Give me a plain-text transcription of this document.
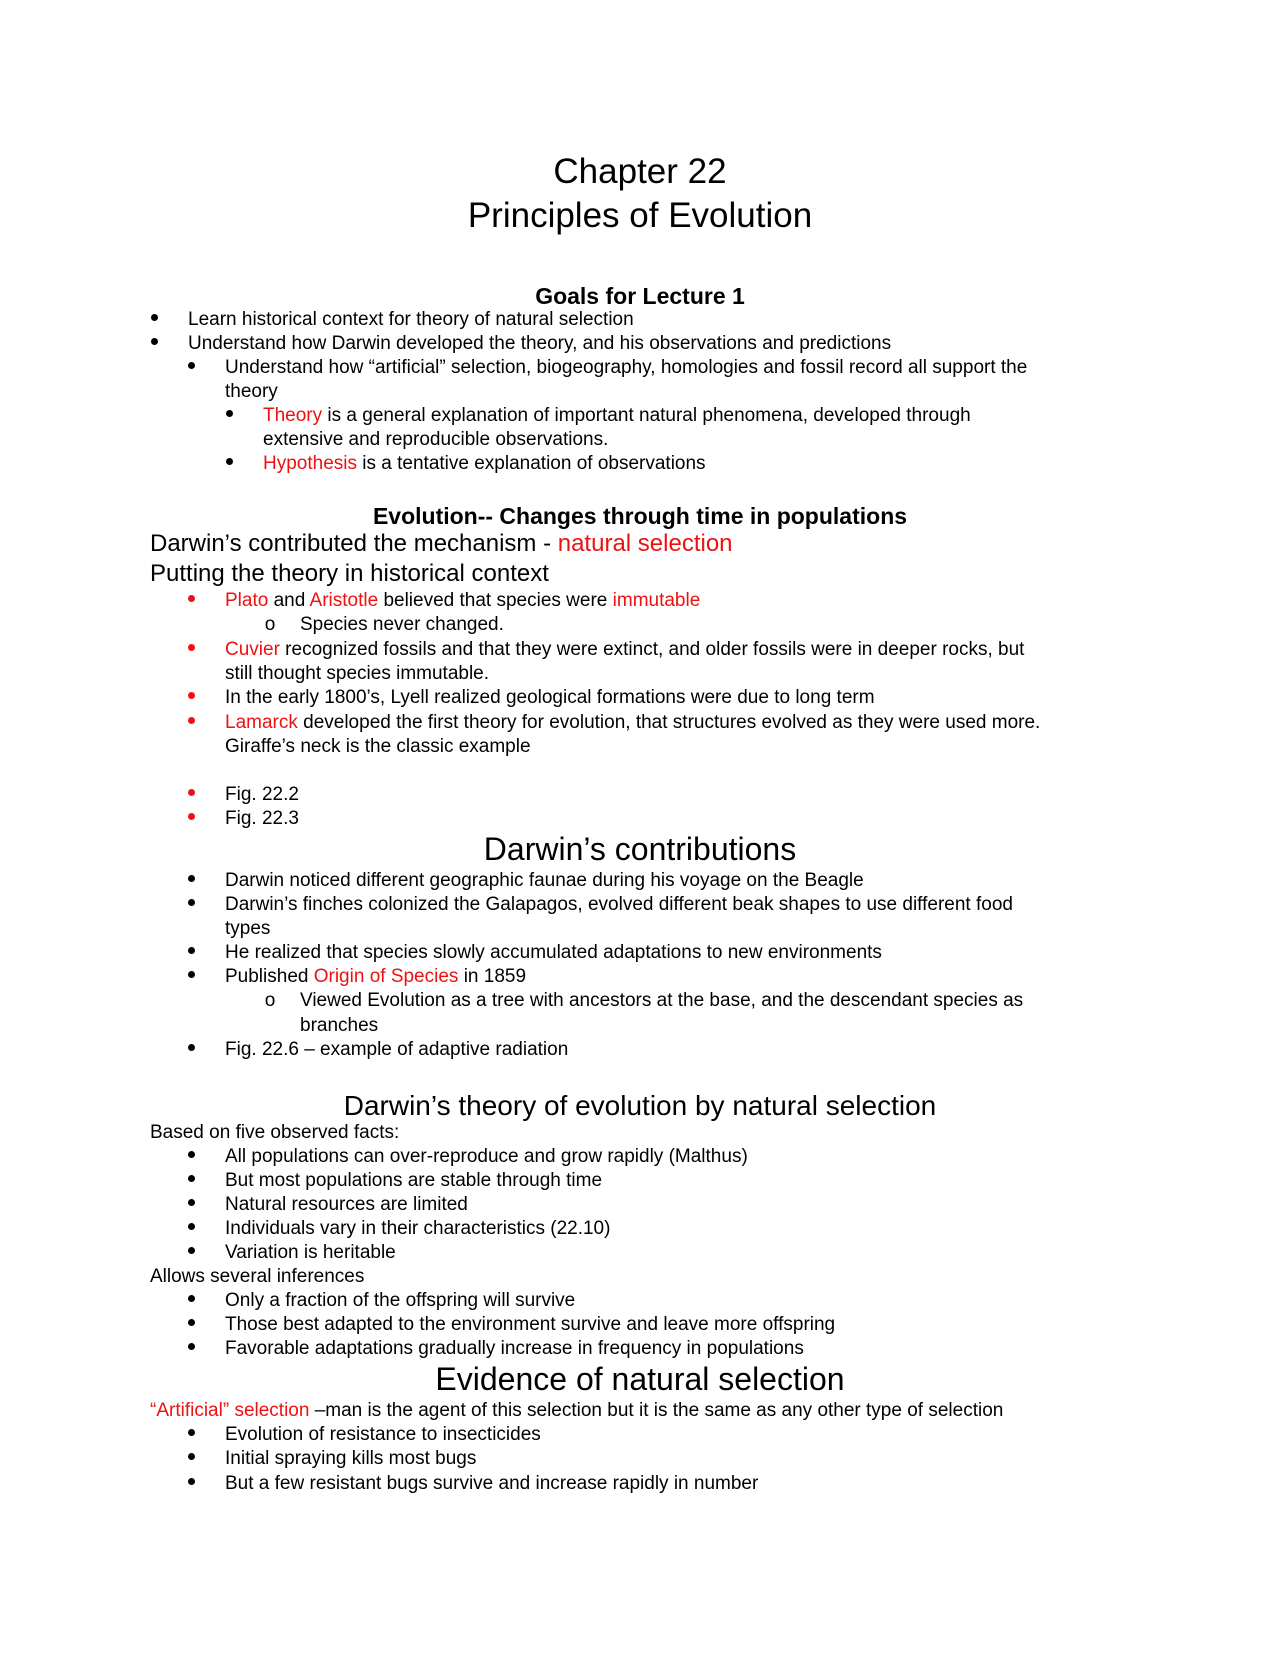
Chapter 22
Principles of Evolution
Goals for Lecture 1
Learn historical context for theory of natural selection
Understand how Darwin developed the theory, and his observations and predictions
Understand how “artificial” selection, biogeography, homologies and fossil record all support the
theory
Theory is a general explanation of important natural phenomena, developed through
extensive and reproducible observations.
Hypothesis is a tentative explanation of observations
Evolution-- Changes through time in populations
Darwin’s contributed the mechanism - natural selection
Putting the theory in historical context
Plato and Aristotle believed that species were immutable
o Species never changed.
Cuvier recognized fossils and that they were extinct, and older fossils were in deeper rocks, but
still thought species immutable.
In the early 1800’s, Lyell realized geological formations were due to long term
Lamarck developed the first theory for evolution, that structures evolved as they were used more.
Giraffe’s neck is the classic example
Fig. 22.2
Fig. 22.3
Darwin’s contributions
Darwin noticed different geographic faunae during his voyage on the Beagle
Darwin’s finches colonized the Galapagos, evolved different beak shapes to use different food
types
He realized that species slowly accumulated adaptations to new environments
Published Origin of Species in 1859
o Viewed Evolution as a tree with ancestors at the base, and the descendant species as
branches
Fig. 22.6 – example of adaptive radiation
Darwin’s theory of evolution by natural selection
Based on five observed facts:
All populations can over-reproduce and grow rapidly (Malthus)
But most populations are stable through time
Natural resources are limited
Individuals vary in their characteristics (22.10)
Variation is heritable
Allows several inferences
Only a fraction of the offspring will survive
Those best adapted to the environment survive and leave more offspring
Favorable adaptations gradually increase in frequency in populations
Evidence of natural selection
“Artificial” selection –man is the agent of this selection but it is the same as any other type of selection
Evolution of resistance to insecticides
Initial spraying kills most bugs
But a few resistant bugs survive and increase rapidly in number
